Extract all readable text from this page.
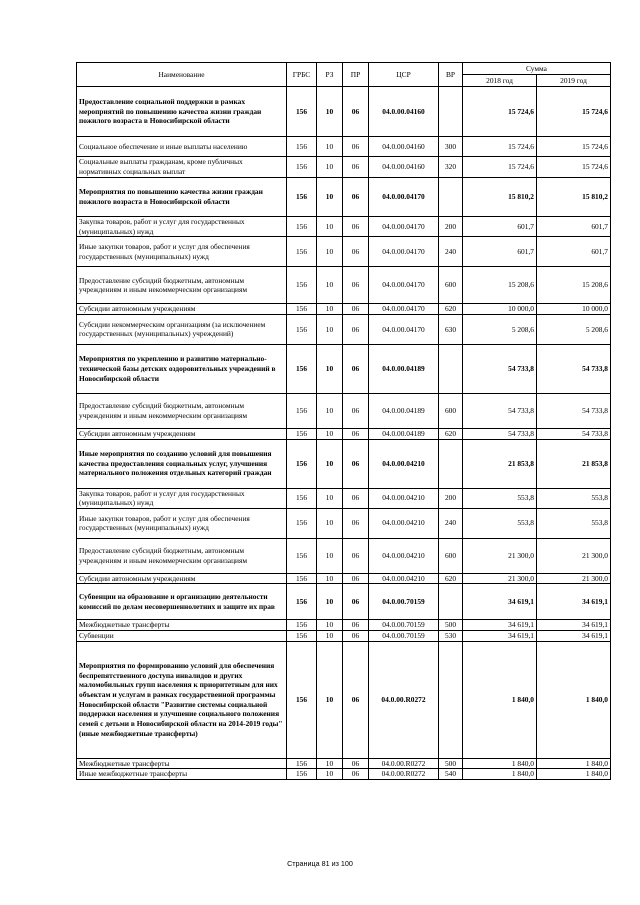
Наименование	ГРБС	РЗ	ПР	ЦСР	ВР	Сумма	
						2018 год	2019 год
Предоставление социальной поддержки в рамках мероприятий по повышению качества жизни граждан пожилого возраста в Новосибирской области	156	10	06	04.0.00.04160		15 724,6	15 724,6
Социальное обеспечение и иные выплаты населению	156	10	06	04.0.00.04160	300	15 724,6	15 724,6
Социальные выплаты гражданам, кроме публичных нормативных социальных выплат	156	10	06	04.0.00.04160	320	15 724,6	15 724,6
Мероприятия по повышению качества жизни граждан пожилого возраста в Новосибирской области	156	10	06	04.0.00.04170		15 810,2	15 810,2
Закупка товаров, работ и услуг для государственных (муниципальных) нужд	156	10	06	04.0.00.04170	200	601,7	601,7
Иные закупки товаров, работ и услуг для обеспечения государственных (муниципальных) нужд	156	10	06	04.0.00.04170	240	601,7	601,7
Предоставление субсидий бюджетным, автономным учреждениям и иным некоммерческим организациям	156	10	06	04.0.00.04170	600	15 208,6	15 208,6
Субсидии автономным учреждениям	156	10	06	04.0.00.04170	620	10 000,0	10 000,0
Субсидии некоммерческим организациям (за исключением государственных (муниципальных) учреждений)	156	10	06	04.0.00.04170	630	5 208,6	5 208,6
Мероприятия по укреплению и развитию материально-технической базы детских оздоровительных учреждений в Новосибирской области	156	10	06	04.0.00.04189		54 733,8	54 733,8
Предоставление субсидий бюджетным, автономным учреждениям и иным некоммерческим организациям	156	10	06	04.0.00.04189	600	54 733,8	54 733,8
Субсидии автономным учреждениям	156	10	06	04.0.00.04189	620	54 733,8	54 733,8
Иные мероприятия по созданию условий для повышения качества предоставления социальных услуг, улучшения материального положения отдельных категорий граждан	156	10	06	04.0.00.04210		21 853,8	21 853,8
Закупка товаров, работ и услуг для государственных (муниципальных) нужд	156	10	06	04.0.00.04210	200	553,8	553,8
Иные закупки товаров, работ и услуг для обеспечения государственных (муниципальных) нужд	156	10	06	04.0.00.04210	240	553,8	553,8
Предоставление субсидий бюджетным, автономным учреждениям и иным некоммерческим организациям	156	10	06	04.0.00.04210	600	21 300,0	21 300,0
Субсидии автономным учреждениям	156	10	06	04.0.00.04210	620	21 300,0	21 300,0
Субвенции на образование и организацию деятельности комиссий по делам несовершеннолетних и защите их прав	156	10	06	04.0.00.70159		34 619,1	34 619,1
Межбюджетные трансферты	156	10	06	04.0.00.70159	500	34 619,1	34 619,1
Субвенции	156	10	06	04.0.00.70159	530	34 619,1	34 619,1
Мероприятия по формированию условий для обеспечения беспрепятственного доступа инвалидов и других маломобильных групп населения к приоритетным для них объектам и услугам в рамках государственной программы Новосибирской области "Развитие системы социальной поддержки населения и улучшение социального положения семей с детьми в Новосибирской области на 2014-2019 годы" (иные межбюджетные трансферты)	156	10	06	04.0.00.R0272		1 840,0	1 840,0
Межбюджетные трансферты	156	10	06	04.0.00.R0272	500	1 840,0	1 840,0
Иные межбюджетные трансферты	156	10	06	04.0.00.R0272	540	1 840,0	1 840,0
Страница 81 из 100
